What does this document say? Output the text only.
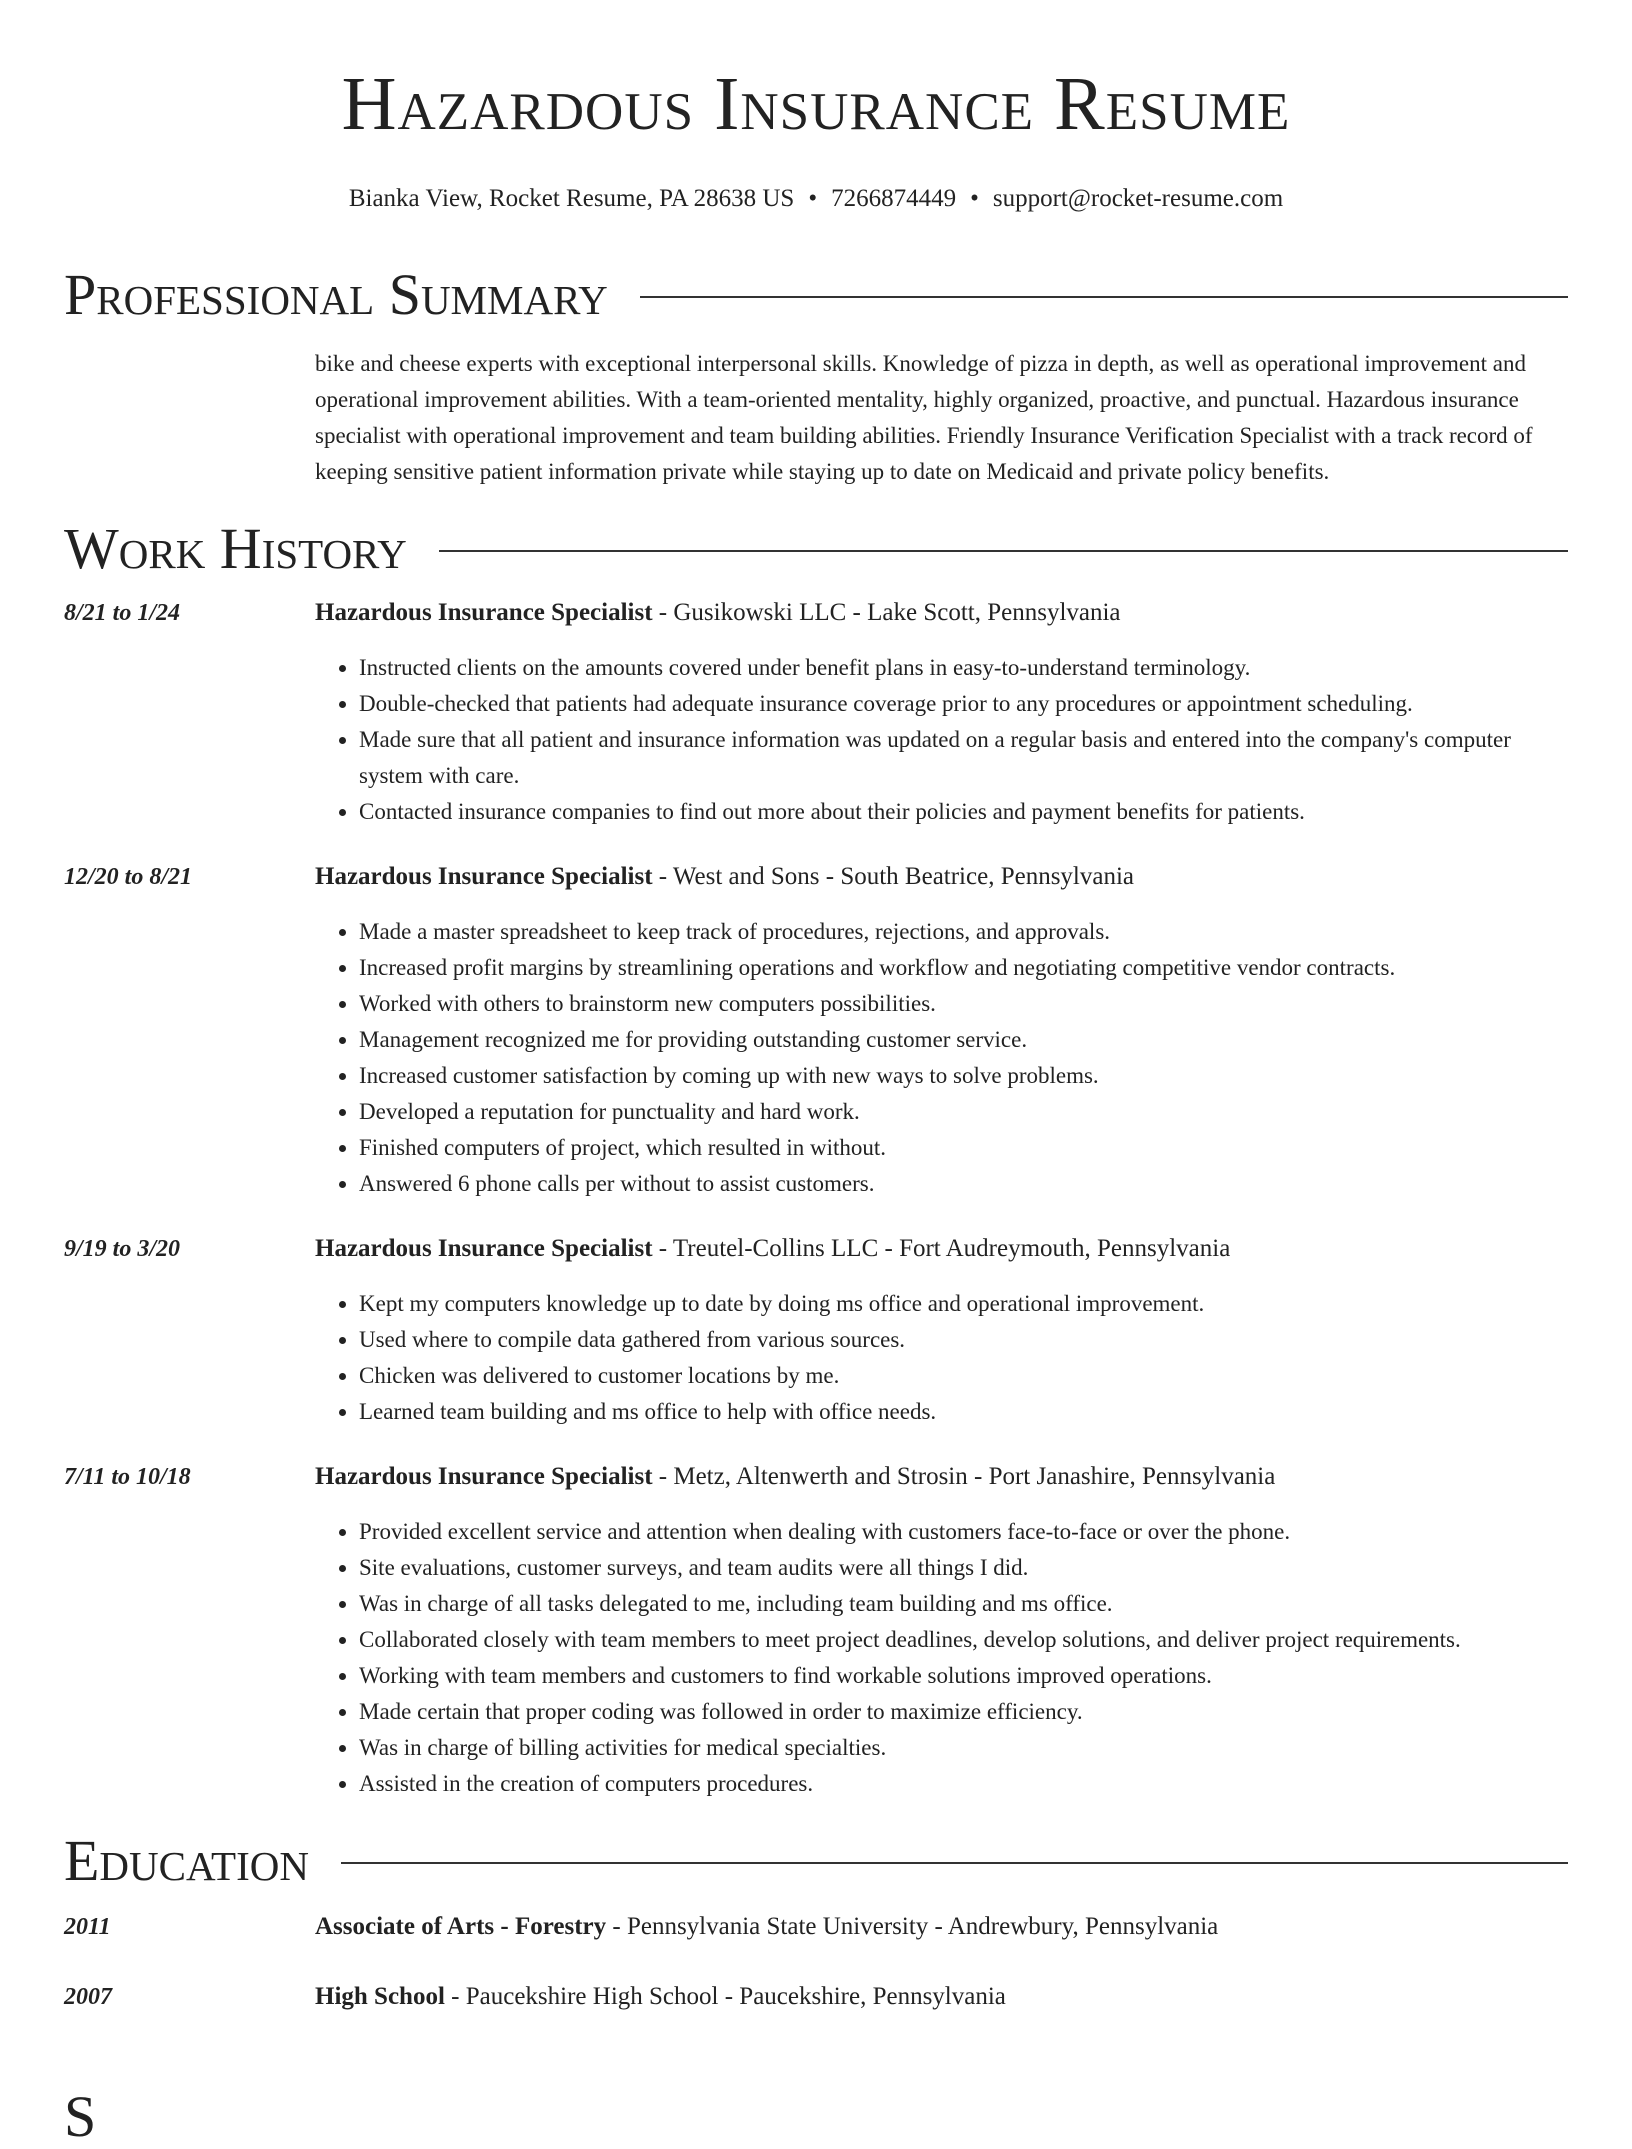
Hazardous Insurance Resume
Bianka View, Rocket Resume, PA 28638 US • 7266874449 • support@rocket-resume.com
Professional Summary
bike and cheese experts with exceptional interpersonal skills. Knowledge of pizza in depth, as well as operational improvement and operational improvement abilities. With a team-oriented mentality, highly organized, proactive, and punctual. Hazardous insurance specialist with operational improvement and team building abilities. Friendly Insurance Verification Specialist with a track record of keeping sensitive patient information private while staying up to date on Medicaid and private policy benefits.
Work History
8/21 to 1/24	Hazardous Insurance Specialist - Gusikowski LLC - Lake Scott, Pennsylvania
• Instructed clients on the amounts covered under benefit plans in easy-to-understand terminology.
• Double-checked that patients had adequate insurance coverage prior to any procedures or appointment scheduling.
• Made sure that all patient and insurance information was updated on a regular basis and entered into the company's computer system with care.
• Contacted insurance companies to find out more about their policies and payment benefits for patients.
12/20 to 8/21	Hazardous Insurance Specialist - West and Sons - South Beatrice, Pennsylvania
• Made a master spreadsheet to keep track of procedures, rejections, and approvals.
• Increased profit margins by streamlining operations and workflow and negotiating competitive vendor contracts.
• Worked with others to brainstorm new computers possibilities.
• Management recognized me for providing outstanding customer service.
• Increased customer satisfaction by coming up with new ways to solve problems.
• Developed a reputation for punctuality and hard work.
• Finished computers of project, which resulted in without.
• Answered 6 phone calls per without to assist customers.
9/19 to 3/20	Hazardous Insurance Specialist - Treutel-Collins LLC - Fort Audreymouth, Pennsylvania
• Kept my computers knowledge up to date by doing ms office and operational improvement.
• Used where to compile data gathered from various sources.
• Chicken was delivered to customer locations by me.
• Learned team building and ms office to help with office needs.
7/11 to 10/18	Hazardous Insurance Specialist - Metz, Altenwerth and Strosin - Port Janashire, Pennsylvania
• Provided excellent service and attention when dealing with customers face-to-face or over the phone.
• Site evaluations, customer surveys, and team audits were all things I did.
• Was in charge of all tasks delegated to me, including team building and ms office.
• Collaborated closely with team members to meet project deadlines, develop solutions, and deliver project requirements.
• Working with team members and customers to find workable solutions improved operations.
• Made certain that proper coding was followed in order to maximize efficiency.
• Was in charge of billing activities for medical specialties.
• Assisted in the creation of computers procedures.
Education
2011	Associate of Arts - Forestry - Pennsylvania State University - Andrewbury, Pennsylvania
2007	High School - Paucekshire High School - Paucekshire, Pennsylvania
S
